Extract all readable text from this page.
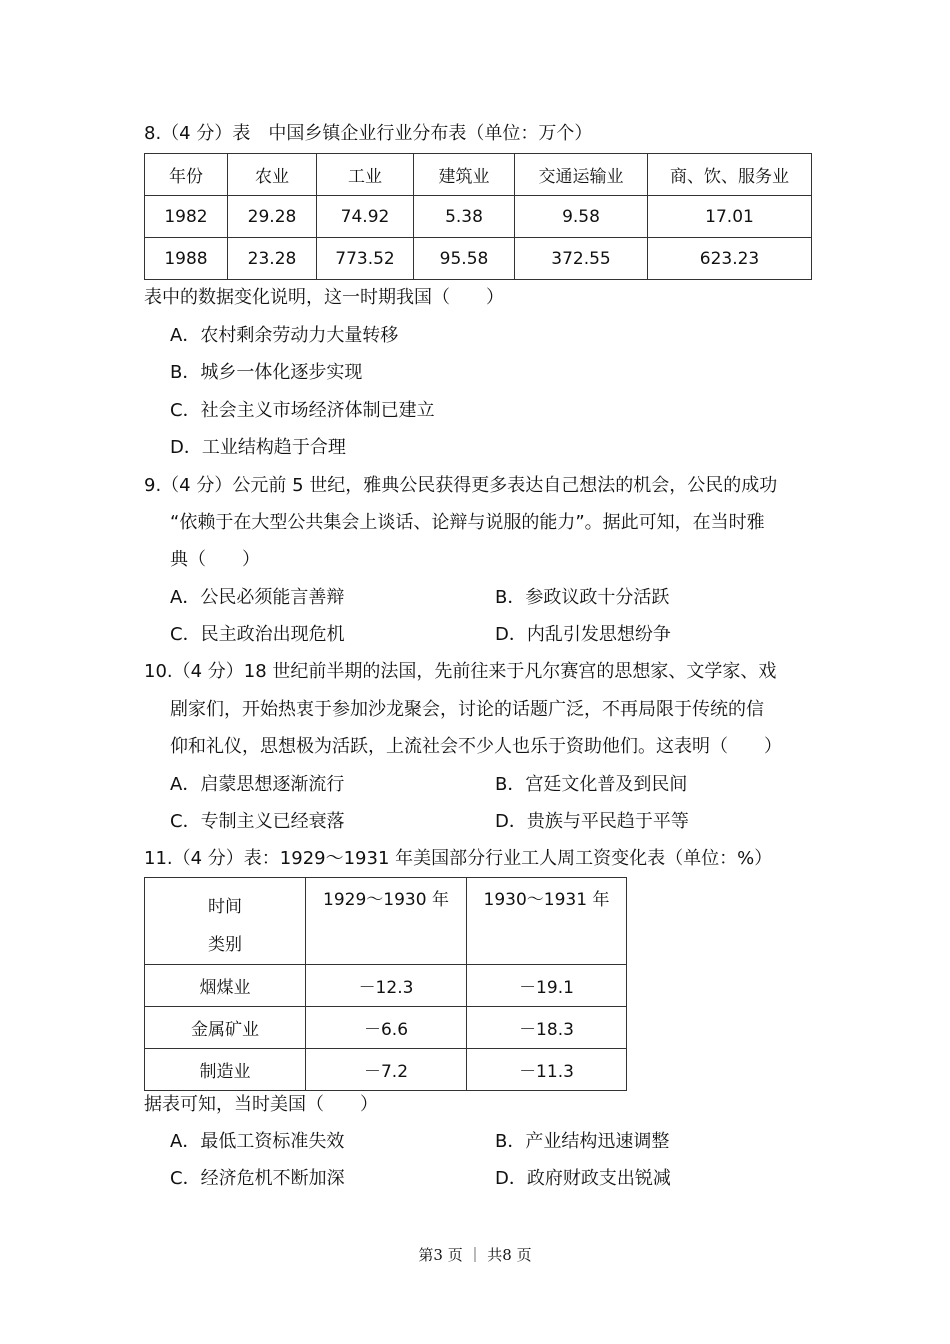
8.（4 分）表　中国乡镇企业行业分布表（单位：万个）
年份	农业	工业	建筑业	交通运输业	商、饮、服务业
1982	29.28	74.92	5.38	9.58	17.01
1988	23.28	773.52	95.58	372.55	623.23
表中的数据变化说明，这一时期我国（　　）
A．农村剩余劳动力大量转移
B．城乡一体化逐步实现
C．社会主义市场经济体制已建立
D．工业结构趋于合理
9.（4 分）公元前 5 世纪，雅典公民获得更多表达自己想法的机会，公民的成功
“依赖于在大型公共集会上谈话、论辩与说服的能力”。据此可知，在当时雅
典（　　）
A．公民必须能言善辩	B．参政议政十分活跃
C．民主政治出现危机	D．内乱引发思想纷争
10.（4 分）18 世纪前半期的法国，先前往来于凡尔赛宫的思想家、文学家、戏
剧家们，开始热衷于参加沙龙聚会，讨论的话题广泛，不再局限于传统的信
仰和礼仪，思想极为活跃，上流社会不少人也乐于资助他们。这表明（　　）
A．启蒙思想逐渐流行	B．宫廷文化普及到民间
C．专制主义已经衰落	D．贵族与平民趋于平等
11.（4 分）表：1929～1931 年美国部分行业工人周工资变化表（单位：%）
时间
类别	1929～1930 年	1930～1931 年

烟煤业	－12.3	－19.1
金属矿业	－6.6	－18.3
制造业	－7.2	－11.3
据表可知，当时美国（　　）
A．最低工资标准失效	B．产业结构迅速调整
C．经济危机不断加深	D．政府财政支出锐减
第3 页 ｜ 共8 页
